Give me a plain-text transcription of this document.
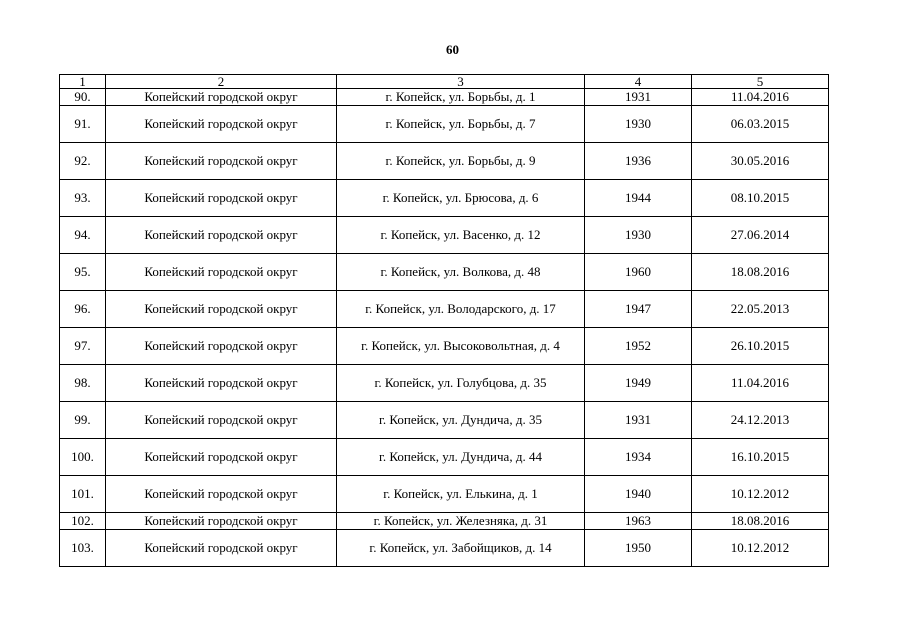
60
1	2	3	4	5
90.	Копейский городской округ	г. Копейск, ул. Борьбы, д. 1	1931	11.04.2016
91.	Копейский городской округ	г. Копейск, ул. Борьбы, д. 7	1930	06.03.2015
92.	Копейский городской округ	г. Копейск, ул. Борьбы, д. 9	1936	30.05.2016
93.	Копейский городской округ	г. Копейск, ул. Брюсова, д. 6	1944	08.10.2015
94.	Копейский городской округ	г. Копейск, ул. Васенко, д. 12	1930	27.06.2014
95.	Копейский городской округ	г. Копейск, ул. Волкова, д. 48	1960	18.08.2016
96.	Копейский городской округ	г. Копейск, ул. Володарского, д. 17	1947	22.05.2013
97.	Копейский городской округ	г. Копейск, ул. Высоковольтная, д. 4	1952	26.10.2015
98.	Копейский городской округ	г. Копейск, ул. Голубцова, д. 35	1949	11.04.2016
99.	Копейский городской округ	г. Копейск, ул. Дундича, д. 35	1931	24.12.2013
100.	Копейский городской округ	г. Копейск, ул. Дундича, д. 44	1934	16.10.2015
101.	Копейский городской округ	г. Копейск, ул. Елькина, д. 1	1940	10.12.2012
102.	Копейский городской округ	г. Копейск, ул. Железняка, д. 31	1963	18.08.2016
103.	Копейский городской округ	г. Копейск, ул. Забойщиков, д. 14	1950	10.12.2012
